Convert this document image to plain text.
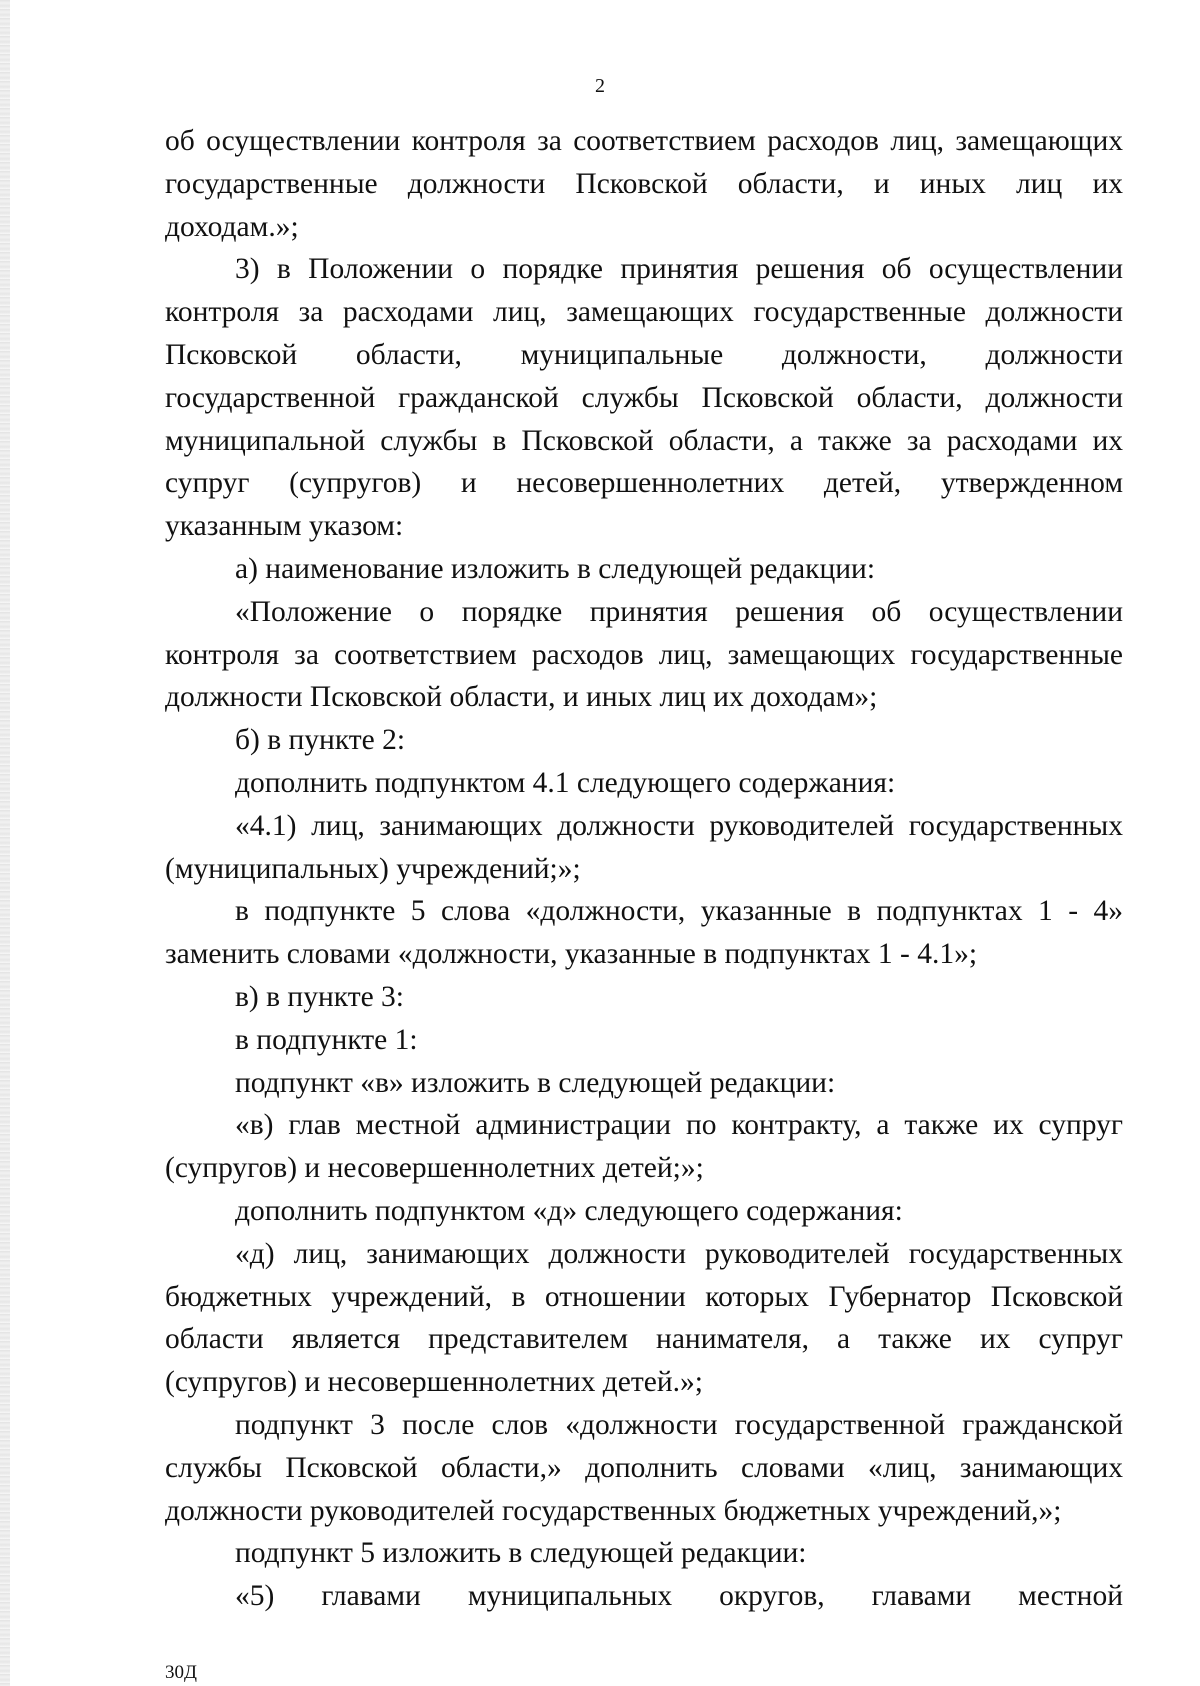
2

об осуществлении контроля за соответствием расходов лиц, замещающих

государственные должности Псковской области, и иных лиц их

доходам.»;

3) в Положении о порядке принятия решения об осуществлении

контроля за расходами лиц, замещающих государственные должности

Псковской области, муниципальные должности, должности

государственной гражданской службы Псковской области, должности

муниципальной службы в Псковской области, а также за расходами их

супруг (супругов) и несовершеннолетних детей, утвержденном

указанным указом:

а) наименование изложить в следующей редакции:

«Положение о порядке принятия решения об осуществлении

контроля за соответствием расходов лиц, замещающих государственные

должности Псковской области, и иных лиц их доходам»;

б) в пункте 2:

дополнить подпунктом 4.1 следующего содержания:

«4.1) лиц, занимающих должности руководителей государственных

(муниципальных) учреждений;»;

в подпункте 5 слова «должности, указанные в подпунктах 1 - 4»

заменить словами «должности, указанные в подпунктах 1 - 4.1»;

в) в пункте 3:

в подпункте 1:

подпункт «в» изложить в следующей редакции:

«в) глав местной администрации по контракту, а также их супруг

(супругов) и несовершеннолетних детей;»;

дополнить подпунктом «д» следующего содержания:

«д) лиц, занимающих должности руководителей государственных

бюджетных учреждений, в отношении которых Губернатор Псковской

области является представителем нанимателя, а также их супруг

(супругов) и несовершеннолетних детей.»;

подпункт 3 после слов «должности государственной гражданской

службы Псковской области,» дополнить словами «лиц, занимающих

должности руководителей государственных бюджетных учреждений,»;

подпункт 5 изложить в следующей редакции:

«5) главами муниципальных округов, главами местной

30Д
